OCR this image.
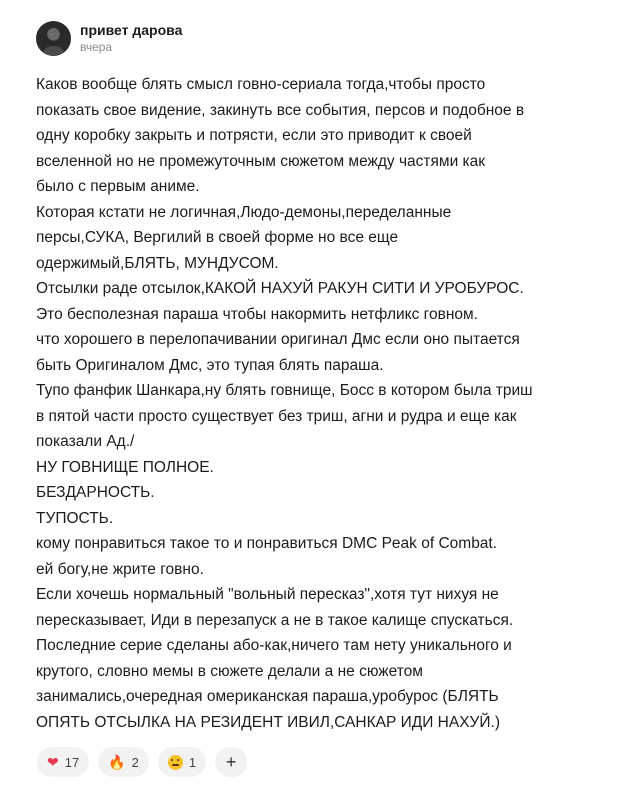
привет дарова
вчера

Каков вообще блять смысл говно-сериала тогда,чтобы просто

показать свое видение, закинуть все события, персов и подобное в

одну коробку закрыть и потрясти, если это приводит к своей

вселенной но не промежуточным сюжетом между частями как

было с первым аниме.

Которая кстати не логичная,Людо-демоны,переделанные

персы,СУКА, Вергилий в своей форме но все еще

одержимый,БЛЯТЬ, МУНДУСОМ.

Отсылки раде отсылок,КАКОЙ НАХУЙ РАКУН СИТИ И УРОБУРОС.

Это бесполезная параша чтобы накормить нетфликс говном.

что хорошего в перелопачивании оригинал Дмс если оно пытается

быть Оригиналом Дмс, это тупая блять параша.

Тупо фанфик Шанкара,ну блять говнище, Босс в котором была триш

в пятой части просто существует без триш, агни и рудра и еще как

показали Ад./

НУ ГОВНИЩЕ ПОЛНОЕ.

БЕЗДАРНОСТЬ.

ТУПОСТЬ.

кому понравиться такое то и понравиться DMC Peak of Combat.

ей богу,не жрите говно.

Если хочешь нормальный "вольный пересказ",хотя тут нихуя не

пересказывает, Иди в перезапуск а не в такое калище спускаться.

Последние серие сделаны або-как,ничего там нету уникального и

крутого, словно мемы в сюжете делали а не сюжетом

занимались,очередная омериканская параша,уробурос (БЛЯТЬ

ОПЯТЬ ОТСЫЛКА НА РЕЗИДЕНТ ИВИЛ,САНКАР ИДИ НАХУЙ.)

❤ 17 🔥 2	1	+
